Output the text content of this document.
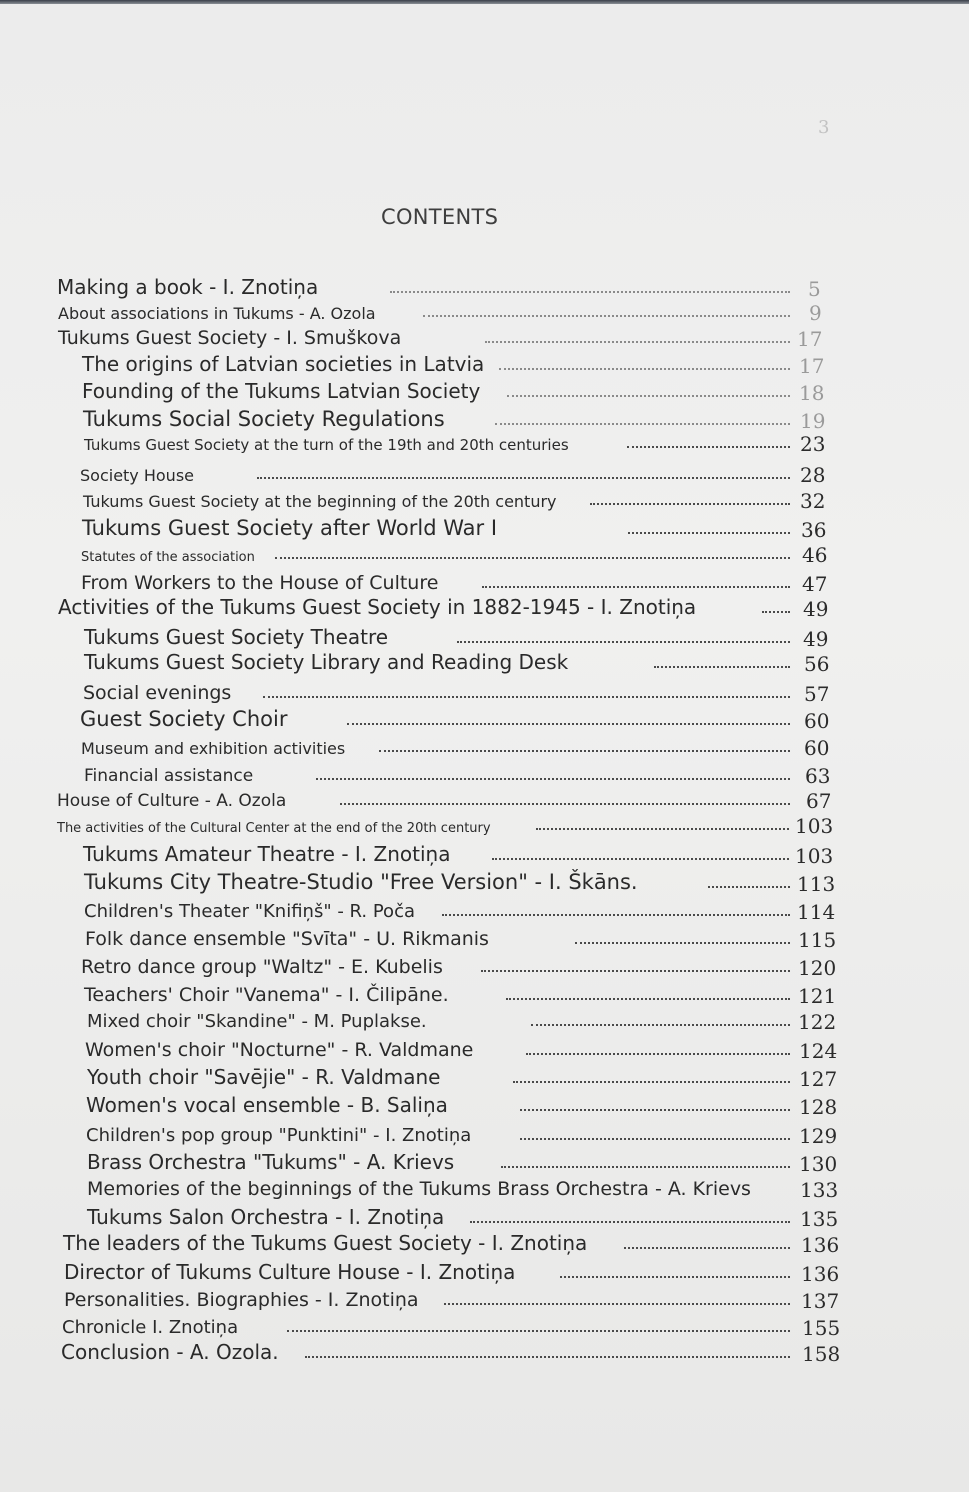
3
CONTENTS
Making a book - I. Znotiņa	5
About associations in Tukums - A. Ozola	9
Tukums Guest Society - I. Smuškova	17
The origins of Latvian societies in Latvia	17
Founding of the Tukums Latvian Society	18
Tukums Social Society Regulations	19
Tukums Guest Society at the turn of the 19th and 20th centuries	23
Society House	28
Tukums Guest Society at the beginning of the 20th century	32
Tukums Guest Society after World War I	36
Statutes of the association	46
From Workers to the House of Culture	47
Activities of the Tukums Guest Society in 1882-1945 - I. Znotiņa	49
Tukums Guest Society Theatre	49
Tukums Guest Society Library and Reading Desk	56
Social evenings	57
Guest Society Choir	60
Museum and exhibition activities	60
Financial assistance	63
House of Culture - A. Ozola	67
The activities of the Cultural Center at the end of the 20th century	103
Tukums Amateur Theatre - I. Znotiņa	103
Tukums City Theatre-Studio "Free Version" - I. Škāns.	113
Children's Theater "Knifiņš" - R. Poča	114
Folk dance ensemble "Svīta" - U. Rikmanis	115
Retro dance group "Waltz" - E. Kubelis	120
Teachers' Choir "Vanema" - I. Čilipāne.	121
Mixed choir "Skandine" - M. Puplakse.	122
Women's choir "Nocturne" - R. Valdmane	124
Youth choir "Savējie" - R. Valdmane	127
Women's vocal ensemble - B. Saliņa	128
Children's pop group "Punktini" - I. Znotiņa	129
Brass Orchestra "Tukums" - A. Krievs	130
Memories of the beginnings of the Tukums Brass Orchestra - A. Krievs 133
Tukums Salon Orchestra - I. Znotiņa	135
The leaders of the Tukums Guest Society - I. Znotiņa	136
Director of Tukums Culture House - I. Znotiņa	136
Personalities. Biographies - I. Znotiņa	137
Chronicle I. Znotiņa	155
Conclusion - A. Ozola.	158
